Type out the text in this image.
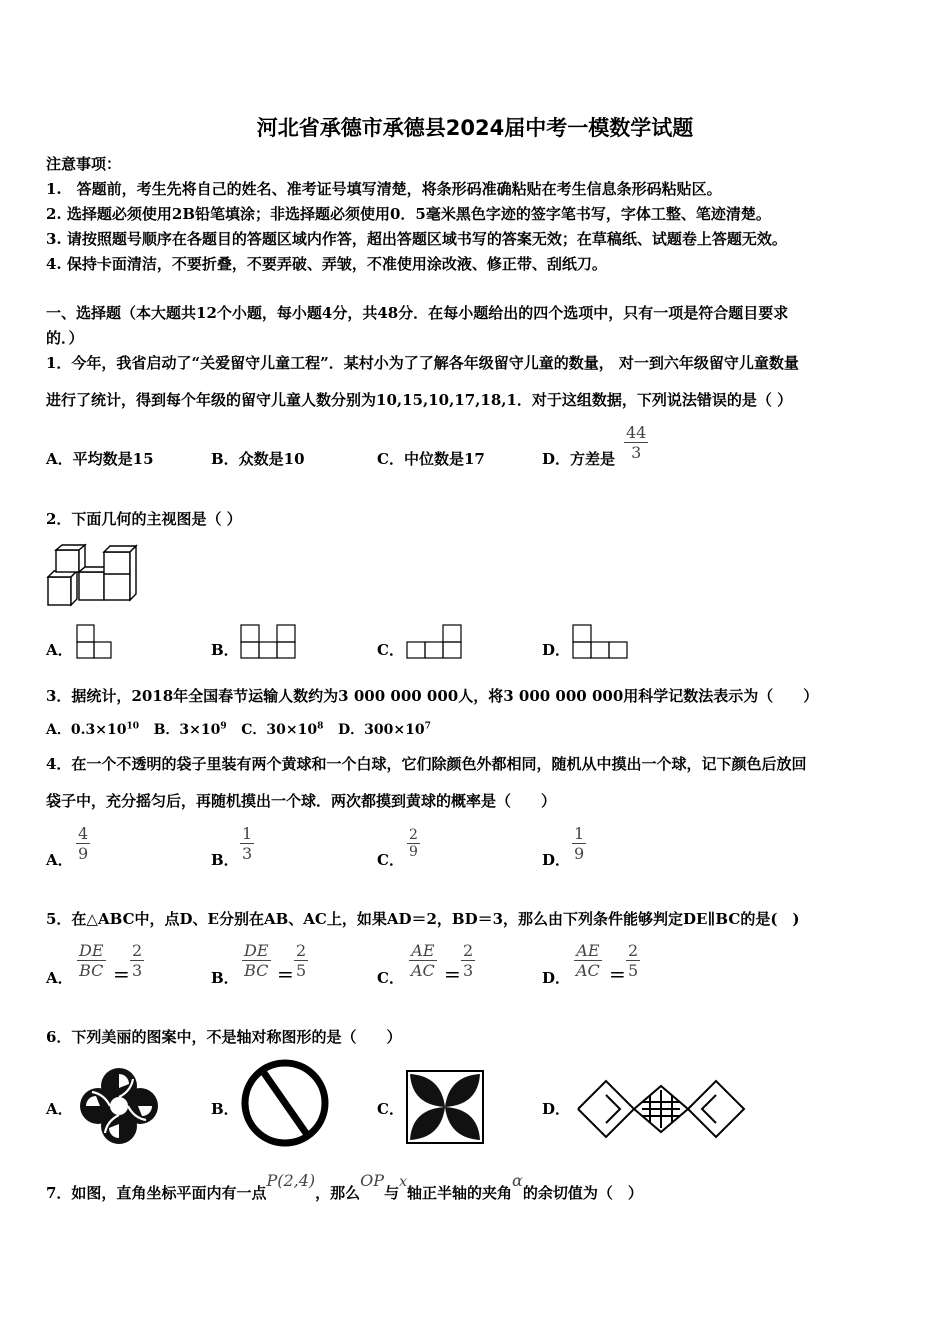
河北省承德市承德县2024届中考一模数学试题
注意事项：
1.　答题前，考生先将自己的姓名、准考证号填写清楚，将条形码准确粘贴在考生信息条形码粘贴区。
2. 选择题必须使用2B铅笔填涂；非选择题必须使用0．5毫米黑色字迹的签字笔书写，字体工整、笔迹清楚。
3. 请按照题号顺序在各题目的答题区域内作答，超出答题区域书写的答案无效；在草稿纸、试题卷上答题无效。
4. 保持卡面清洁，不要折叠，不要弄破、弄皱，不准使用涂改液、修正带、刮纸刀。
一、选择题（本大题共12个小题，每小题4分，共48分．在每小题给出的四个选项中，只有一项是符合题目要求
的．）
1．今年，我省启动了“关爱留守儿童工程”．某村小为了了解各年级留守儿童的数量， 对一到六年级留守儿童数量
进行了统计，得到每个年级的留守儿童人数分别为10,15,10,17,18,1．对于这组数据，下列说法错误的是（ ）
A．平均数是15	B．众数是10	C．中位数是17	D．方差是 $\frac{44}{3}$
2．下面几何的主视图是（ ）
A．	B．	C．	D．
3．据统计，2018年全国春节运输人数约为3 000 000 000人，将3 000 000 000用科学记数法表示为（　　）
A．$0.3\times 10^{10}$ B．$3\times 10^9$ C．$30\times 10^8$ D．$300\times 10^7$
4．在一个不透明的袋子里装有两个黄球和一个白球，它们除颜色外都相同，随机从中摸出一个球，记下颜色后放回
袋子中，充分摇匀后，再随机摸出一个球．两次都摸到黄球的概率是（　　）
A． $\frac{4}{9}$	B． $\frac{1}{3}$	C． $\frac{2}{9}$	D． $\frac{1}{9}$
5．在△ABC中，点D、E分别在AB、AC上，如果AD＝2，BD＝3，那么由下列条件能够判定DE∥BC的是(　)
A． $\frac{DE}{BC} = \frac{2}{3}$	B． $\frac{DE}{BC} = \frac{2}{5}$	C． $\frac{AE}{AC} = \frac{2}{3}$	D． $\frac{AE}{AC} = \frac{2}{5}$
6．下列美丽的图案中，不是轴对称图形的是（　　）
A．	B．	C．	D．
7．如图，直角坐标平面内有一点P(2,4)，那么OP与x轴正半轴的夹角α的余切值为（　）
